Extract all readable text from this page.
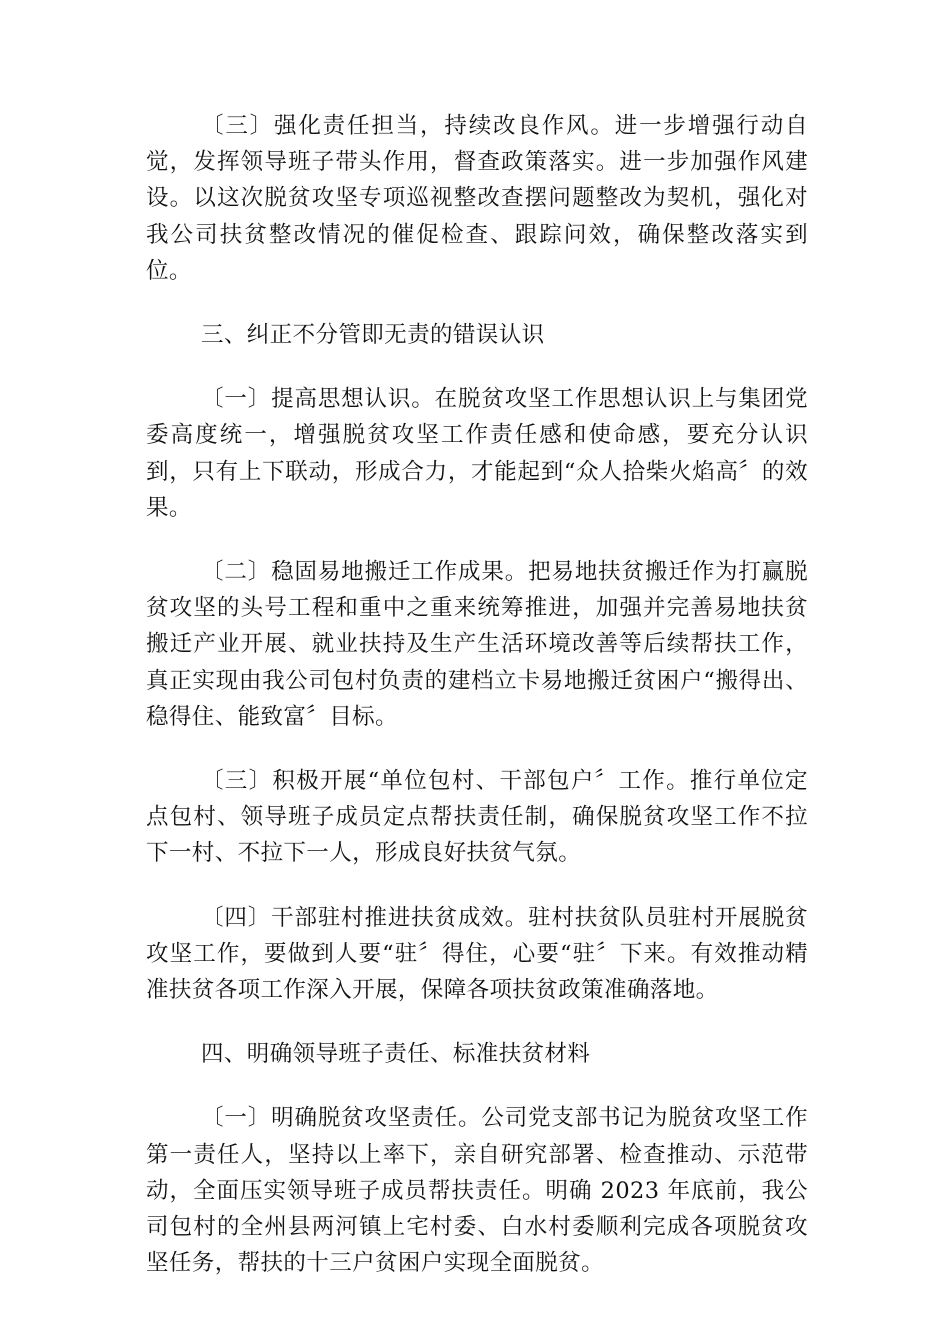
〔三〕强化责任担当，持续改良作风。进一步增强行动自觉，发挥领导班子带头作用，督查政策落实。进一步加强作风建设。以这次脱贫攻坚专项巡视整改查摆问题整改为契机，强化对我公司扶贫整改情况的催促检查、跟踪问效，确保整改落实到位。

三、纠正不分管即无责的错误认识

〔一〕提高思想认识。在脱贫攻坚工作思想认识上与集团党委高度统一，增强脱贫攻坚工作责任感和使命感，要充分认识到，只有上下联动，形成合力，才能起到“众人拾柴火焰高〞的效果。

〔二〕稳固易地搬迁工作成果。把易地扶贫搬迁作为打赢脱贫攻坚的头号工程和重中之重来统筹推进，加强并完善易地扶贫搬迁产业开展、就业扶持及生产生活环境改善等后续帮扶工作，真正实现由我公司包村负责的建档立卡易地搬迁贫困户“搬得出、稳得住、能致富〞目标。

〔三〕积极开展“单位包村、干部包户〞工作。推行单位定点包村、领导班子成员定点帮扶责任制，确保脱贫攻坚工作不拉下一村、不拉下一人，形成良好扶贫气氛。

〔四〕干部驻村推进扶贫成效。驻村扶贫队员驻村开展脱贫攻坚工作，要做到人要“驻〞得住，心要“驻〞下来。有效推动精准扶贫各项工作深入开展，保障各项扶贫政策准确落地。

四、明确领导班子责任、标准扶贫材料

〔一〕明确脱贫攻坚责任。公司党支部书记为脱贫攻坚工作第一责任人，坚持以上率下，亲自研究部署、检查推动、示范带动，全面压实领导班子成员帮扶责任。明确 2023 年底前，我公司包村的全州县两河镇上宅村委、白水村委顺利完成各项脱贫攻坚任务，帮扶的十三户贫困户实现全面脱贫。
